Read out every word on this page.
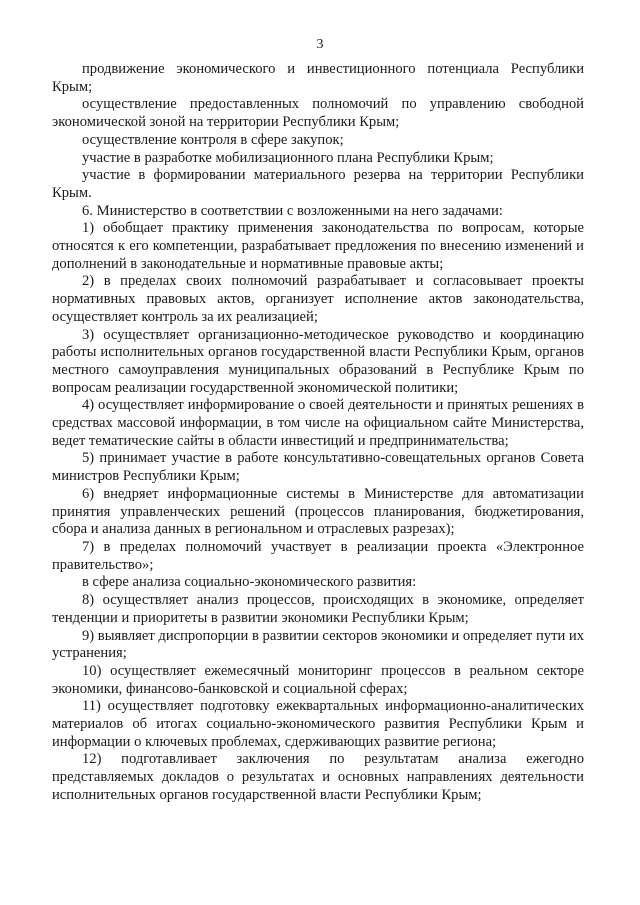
3

продвижение экономического и инвестиционного потенциала Республики Крым;

осуществление предоставленных полномочий по управлению свободной экономической зоной на территории Республики Крым;

осуществление контроля в сфере закупок;

участие в разработке мобилизационного плана Республики Крым;

участие в формировании материального резерва на территории Республики Крым.

6. Министерство в соответствии с возложенными на него задачами:

1) обобщает практику применения законодательства по вопросам, которые относятся к его компетенции, разрабатывает предложения по внесению изменений и дополнений в законодательные и нормативные правовые акты;

2) в пределах своих полномочий разрабатывает и согласовывает проекты нормативных правовых актов, организует исполнение актов законодательства, осуществляет контроль за их реализацией;

3) осуществляет организационно-методическое руководство и координацию работы исполнительных органов государственной власти Республики Крым, органов местного самоуправления муниципальных образований в Республике Крым по вопросам реализации государственной экономической политики;

4) осуществляет информирование о своей деятельности и принятых решениях в средствах массовой информации, в том числе на официальном сайте Министерства, ведет тематические сайты в области инвестиций и предпринимательства;

5) принимает участие в работе консультативно-совещательных органов Совета министров Республики Крым;

6) внедряет информационные системы в Министерстве для автоматизации принятия управленческих решений (процессов планирования, бюджетирования, сбора и анализа данных в региональном и отраслевых разрезах);

7) в пределах полномочий участвует в реализации проекта «Электронное правительство»;

в сфере анализа социально-экономического развития:

8) осуществляет анализ процессов, происходящих в экономике, определяет тенденции и приоритеты в развитии экономики Республики Крым;

9) выявляет диспропорции в развитии секторов экономики и определяет пути их устранения;

10) осуществляет ежемесячный мониторинг процессов в реальном секторе экономики, финансово-банковской и социальной сферах;

11) осуществляет подготовку ежеквартальных информационно-аналитических материалов об итогах социально-экономического развития Республики Крым и информации о ключевых проблемах, сдерживающих развитие региона;

12) подготавливает заключения по результатам анализа ежегодно представляемых докладов о результатах и основных направлениях деятельности исполнительных органов государственной власти Республики Крым;
